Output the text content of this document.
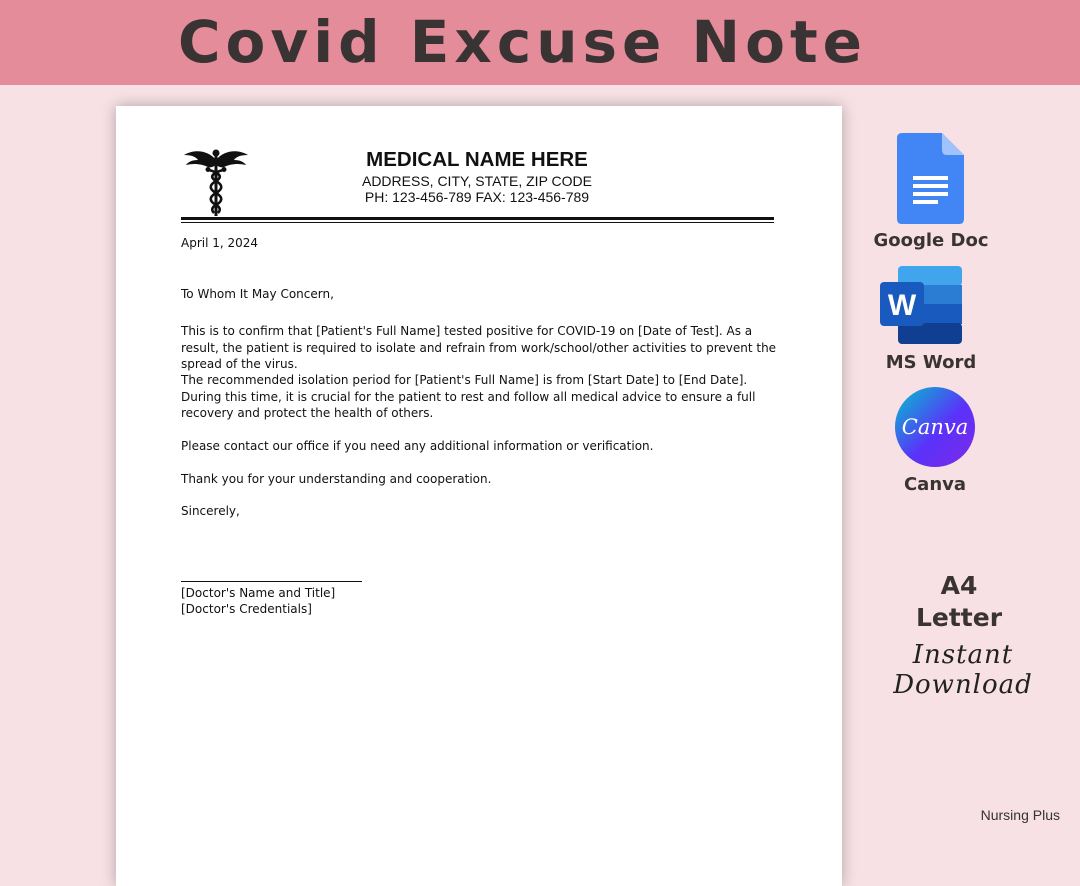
Covid Excuse Note
MEDICAL NAME HERE
ADDRESS, CITY, STATE, ZIP CODE
PH: 123-456-789 FAX: 123-456-789

April 1, 2024

To Whom It May Concern,

This is to confirm that [Patient's Full Name] tested positive for COVID-19 on [Date of Test]. As a result, the patient is required to isolate and refrain from work/school/other activities to prevent the spread of the virus.

The recommended isolation period for [Patient's Full Name] is from [Start Date] to [End Date]. During this time, it is crucial for the patient to rest and follow all medical advice to ensure a full recovery and protect the health of others.

Please contact our office if you need any additional information or verification.

Thank you for your understanding and cooperation.

Sincerely,

[Doctor's Name and Title]

[Doctor's Credentials]

Google Doc
W
MS Word
Canva
Canva
A4
Letter
Instant Download
Nursing Plus
